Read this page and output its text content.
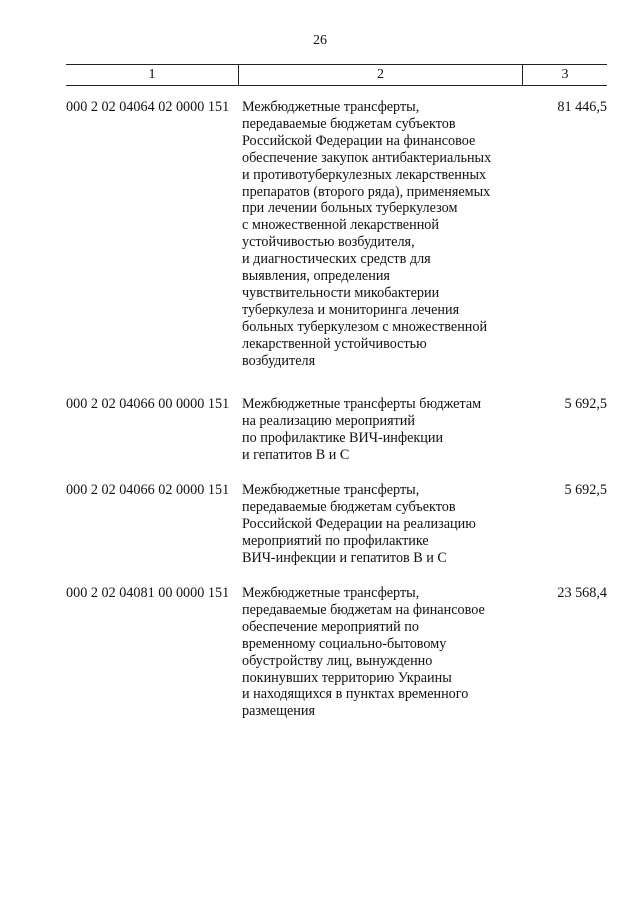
26
1	2	3
000 2 02 04064 02 0000 151 Межбюджетные трансферты,
передаваемые бюджетам субъектов
Российской Федерации на финансовое
обеспечение закупок антибактериальных
и противотуберкулезных лекарственных
препаратов (второго ряда), применяемых
при лечении больных туберкулезом
с множественной лекарственной
устойчивостью возбудителя,
и диагностических средств для
выявления, определения
чувствительности микобактерии
туберкулеза и мониторинга лечения
больных туберкулезом с множественной
лекарственной устойчивостью
возбудителя
81 446,5
000 2 02 04066 00 0000 151 Межбюджетные трансферты бюджетам
на реализацию мероприятий
по профилактике ВИЧ-инфекции
и гепатитов В и С
5 692,5
000 2 02 04066 02 0000 151 Межбюджетные трансферты,
передаваемые бюджетам субъектов
Российской Федерации на реализацию
мероприятий по профилактике
ВИЧ-инфекции и гепатитов В и С
5 692,5
000 2 02 04081 00 0000 151 Межбюджетные трансферты,
передаваемые бюджетам на финансовое
обеспечение мероприятий по
временному социально-бытовому
обустройству лиц, вынужденно
покинувших территорию Украины
и находящихся в пунктах временного
размещения
23 568,4
